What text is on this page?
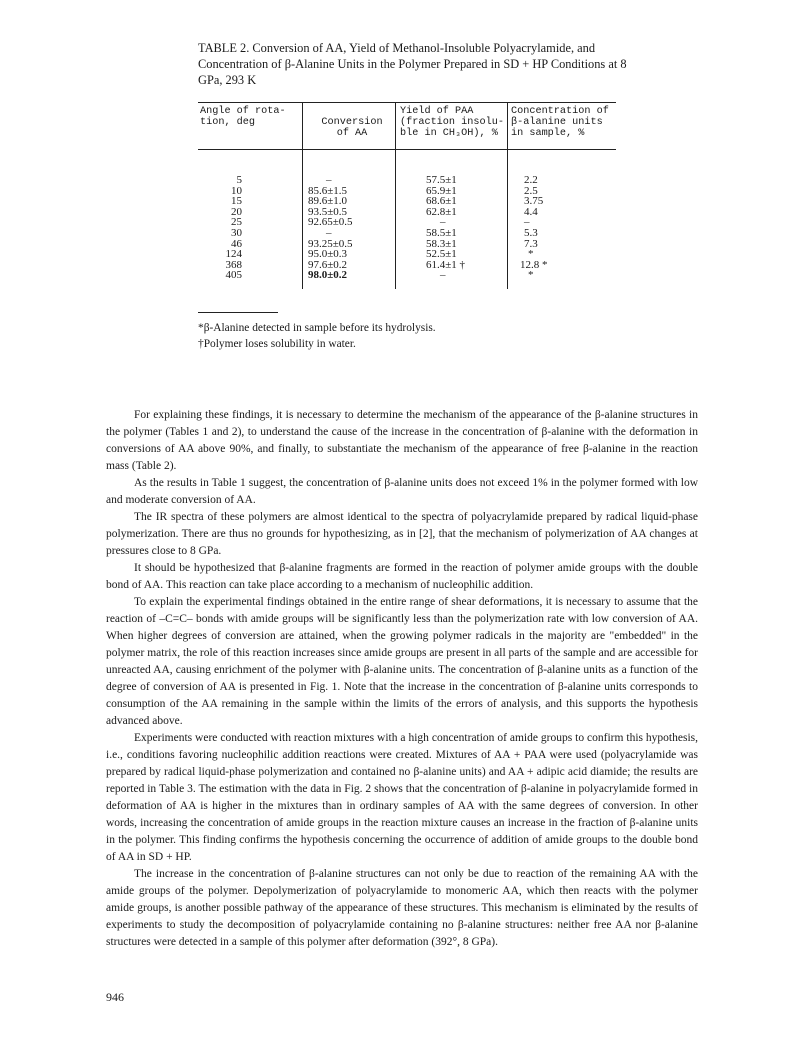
TABLE 2. Conversion of AA, Yield of Methanol-Insoluble Polyacrylamide, and Concentration of β-Alanine Units in the Polymer Prepared in SD + HP Conditions at 8 GPa, 293 K
Angle of rota-
tion, deg	Conversion
of AA
Yield of PAA
(fraction insolu-
ble in CH₃OH), %
Concentration of
β-alanine units
in sample, %
5
10
15
20
25
30
46
124
368
405
–
85.6±1.5
89.6±1.0
93.5±0.5
92.65±0.5
–
93.25±0.5
95.0±0.3
97.6±0.2
98.0±0.2
57.5±1
65.9±1
68.6±1
62.8±1
–
58.5±1
58.3±1
52.5±1
61.4±1 †
–
2.2
2.5
3.75
4.4
–
5.3
7.3
*
12.8 *
*
*β-Alanine detected in sample before its hydrolysis.
†Polymer loses solubility in water.

For explaining these findings, it is necessary to determine the mechanism of the appearance of the β-alanine structures in the polymer (Tables 1 and 2), to understand the cause of the increase in the concentration of β-alanine with the deformation in conversions of AA above 90%, and finally, to substantiate the mechanism of the appearance of free β-alanine in the reaction mass (Table 2).

As the results in Table 1 suggest, the concentration of β-alanine units does not exceed 1% in the polymer formed with low and moderate conversion of AA.

The IR spectra of these polymers are almost identical to the spectra of polyacrylamide prepared by radical liquid-phase polymerization. There are thus no grounds for hypothesizing, as in [2], that the mechanism of polymerization of AA changes at pressures close to 8 GPa.

It should be hypothesized that β-alanine fragments are formed in the reaction of polymer amide groups with the double bond of AA. This reaction can take place according to a mechanism of nucleophilic addition.

To explain the experimental findings obtained in the entire range of shear deformations, it is necessary to assume that the reaction of –C=C– bonds with amide groups will be significantly less than the polymerization rate with low conversion of AA. When higher degrees of conversion are attained, when the growing polymer radicals in the majority are "embedded" in the polymer matrix, the role of this reaction increases since amide groups are present in all parts of the sample and are accessible for unreacted AA, causing enrichment of the polymer with β-alanine units. The concentration of β-alanine units as a function of the degree of conversion of AA is presented in Fig. 1. Note that the increase in the concentration of β-alanine units corresponds to consumption of the AA remaining in the sample within the limits of the errors of analysis, and this supports the hypothesis advanced above.

Experiments were conducted with reaction mixtures with a high concentration of amide groups to confirm this hypothesis, i.e., conditions favoring nucleophilic addition reactions were created. Mixtures of AA + PAA were used (polyacrylamide was prepared by radical liquid-phase polymerization and contained no β-alanine units) and AA + adipic acid diamide; the results are reported in Table 3. The estimation with the data in Fig. 2 shows that the concentration of β-alanine in polyacrylamide formed in deformation of AA is higher in the mixtures than in ordinary samples of AA with the same degrees of conversion. In other words, increasing the concentration of amide groups in the reaction mixture causes an increase in the fraction of β-alanine units in the polymer. This finding confirms the hypothesis concerning the occurrence of addition of amide groups to the double bond of AA in SD + HP.

The increase in the concentration of β-alanine structures can not only be due to reaction of the remaining AA with the amide groups of the polymer. Depolymerization of polyacrylamide to monomeric AA, which then reacts with the polymer amide groups, is another possible pathway of the appearance of these structures. This mechanism is eliminated by the results of experiments to study the decomposition of polyacrylamide containing no β-alanine structures: neither free AA nor β-alanine structures were detected in a sample of this polymer after deformation (392°, 8 GPa).

946
